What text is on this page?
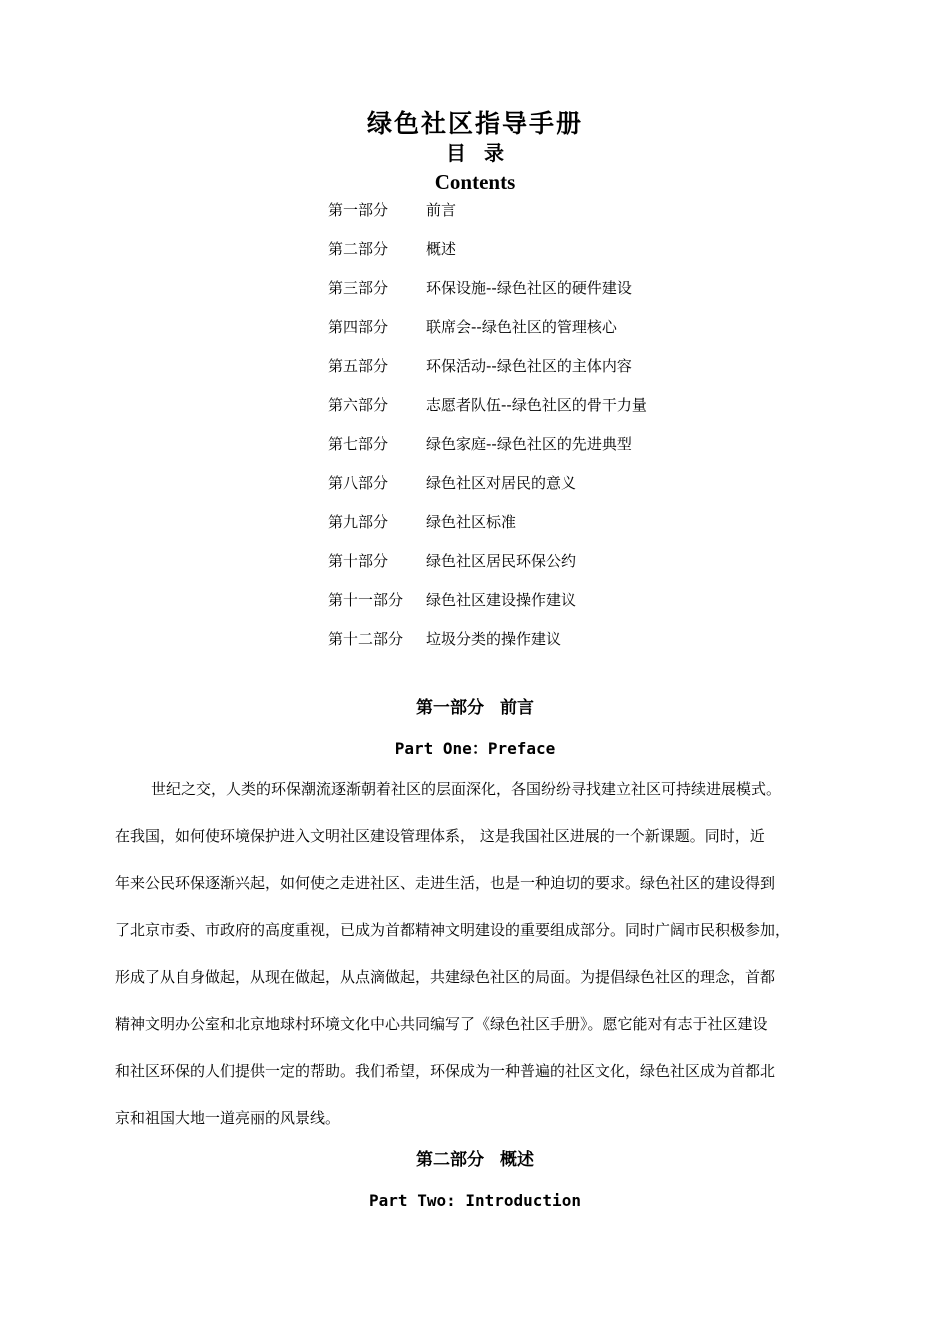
绿色社区指导手册
目录
Contents
第一部分	前言
第二部分	概述
第三部分	环保设施--绿色社区的硬件建设
第四部分	联席会--绿色社区的管理核心
第五部分	环保活动--绿色社区的主体内容
第六部分	志愿者队伍--绿色社区的骨干力量
第七部分	绿色家庭--绿色社区的先进典型
第八部分	绿色社区对居民的意义
第九部分	绿色社区标准
第十部分	绿色社区居民环保公约
第十一部分 绿色社区建设操作建议
第十二部分 垃圾分类的操作建议
第一部分 前言
Part One：Preface
世纪之交，人类的环保潮流逐渐朝着社区的层面深化，各国纷纷寻找建立社区可持续进展模式。
在我国，如何使环境保护进入文明社区建设管理体系， 这是我国社区进展的一个新课题。同时，近
年来公民环保逐渐兴起，如何使之走进社区、走进生活，也是一种迫切的要求。绿色社区的建设得到
了北京市委、市政府的高度重视，已成为首都精神文明建设的重要组成部分。同时广阔市民积极参加，
形成了从自身做起，从现在做起，从点滴做起，共建绿色社区的局面。为提倡绿色社区的理念，首都
精神文明办公室和北京地球村环境文化中心共同编写了《绿色社区手册》。愿它能对有志于社区建设
和社区环保的人们提供一定的帮助。我们希望，环保成为一种普遍的社区文化，绿色社区成为首都北
京和祖国大地一道亮丽的风景线。
第二部分 概述
Part Two: Introduction
